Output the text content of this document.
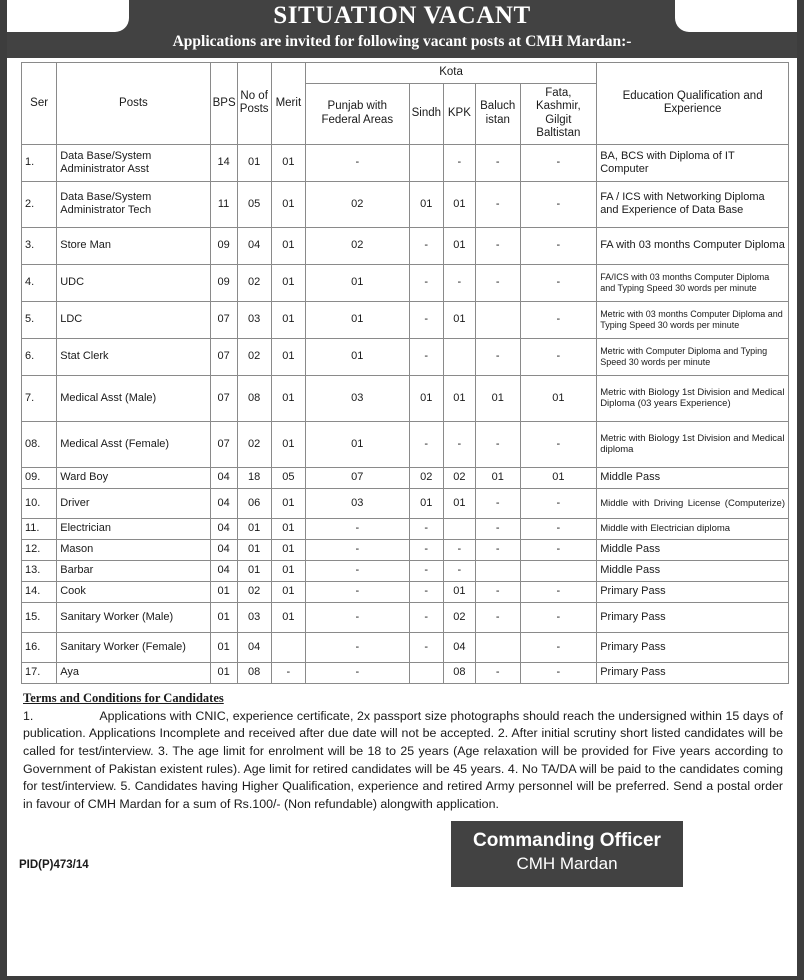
SITUATION VACANT
Applications are invited for following vacant posts at CMH Mardan:-
Ser	Posts	BPS	No of Posts	Merit	Kota					Education Qualification and Experience
					Punjab with Federal Areas	Sindh	KPK	Baluch istan	Fata, Kashmir, Gilgit Baltistan	
1.	Data Base/System Administrator Asst	14	01	01	-		-	-	-	BA, BCS with Diploma of IT Computer
2.	Data Base/System Administrator Tech	11	05	01	02	01	01	-	-	FA / ICS with Networking Diploma and Experience of Data Base
3.	Store Man	09	04	01	02	-	01	-	-	FA with 03 months Computer Diploma
4.	UDC	09	02	01	01	-	-	-	-	FA/ICS with 03 months Computer Diploma and Typing Speed 30 words per minute
5.	LDC	07	03	01	01	-	01		-	Metric with 03 months Computer Diploma and Typing Speed 30 words per minute
6.	Stat Clerk	07	02	01	01	-		-	-	Metric with Computer Diploma and Typing Speed 30 words per minute
7.	Medical Asst (Male)	07	08	01	03	01	01	01	01	Metric with Biology 1st Division and Medical Diploma (03 years Experience)
08.	Medical Asst (Female)	07	02	01	01	-	-	-	-	Metric with Biology 1st Division and Medical diploma
09.	Ward Boy	04	18	05	07	02	02	01	01	Middle Pass
10.	Driver	04	06	01	03	01	01	-	-	Middle with Driving License (Computerize)
11.	Electrician	04	01	01	-	-		-	-	Middle with Electrician diploma
12.	Mason	04	01	01	-	-	-	-	-	Middle Pass
13.	Barbar	04	01	01	-	-	-			Middle Pass
14.	Cook	01	02	01	-	-	01	-	-	Primary Pass
15.	Sanitary Worker (Male)	01	03	01	-	-	02	-	-	Primary Pass
16.	Sanitary Worker (Female)	01	04		-	-	04		-	Primary Pass
17.	Aya	01	08	-	-		08	-	-	Primary Pass
Terms and Conditions for Candidates

1.	Applications with CNIC, experience certificate, 2x passport size photographs should reach the undersigned within 15 days of publication. Applications Incomplete and received after due date will not be accepted. 2. After initial scrutiny short listed candidates will be called for test/interview. 3. The age limit for enrolment will be 18 to 25 years (Age relaxation will be provided for Five years according to Government of Pakistan existent rules). Age limit for retired candidates will be 45 years. 4. No TA/DA will be paid to the candidates coming for test/interview. 5. Candidates having Higher Qualification, experience and retired Army personnel will be preferred. Send a postal order in favour of CMH Mardan for a sum of Rs.100/- (Non refundable) alongwith application.

PID(P)473/14
Commanding Officer
CMH Mardan
